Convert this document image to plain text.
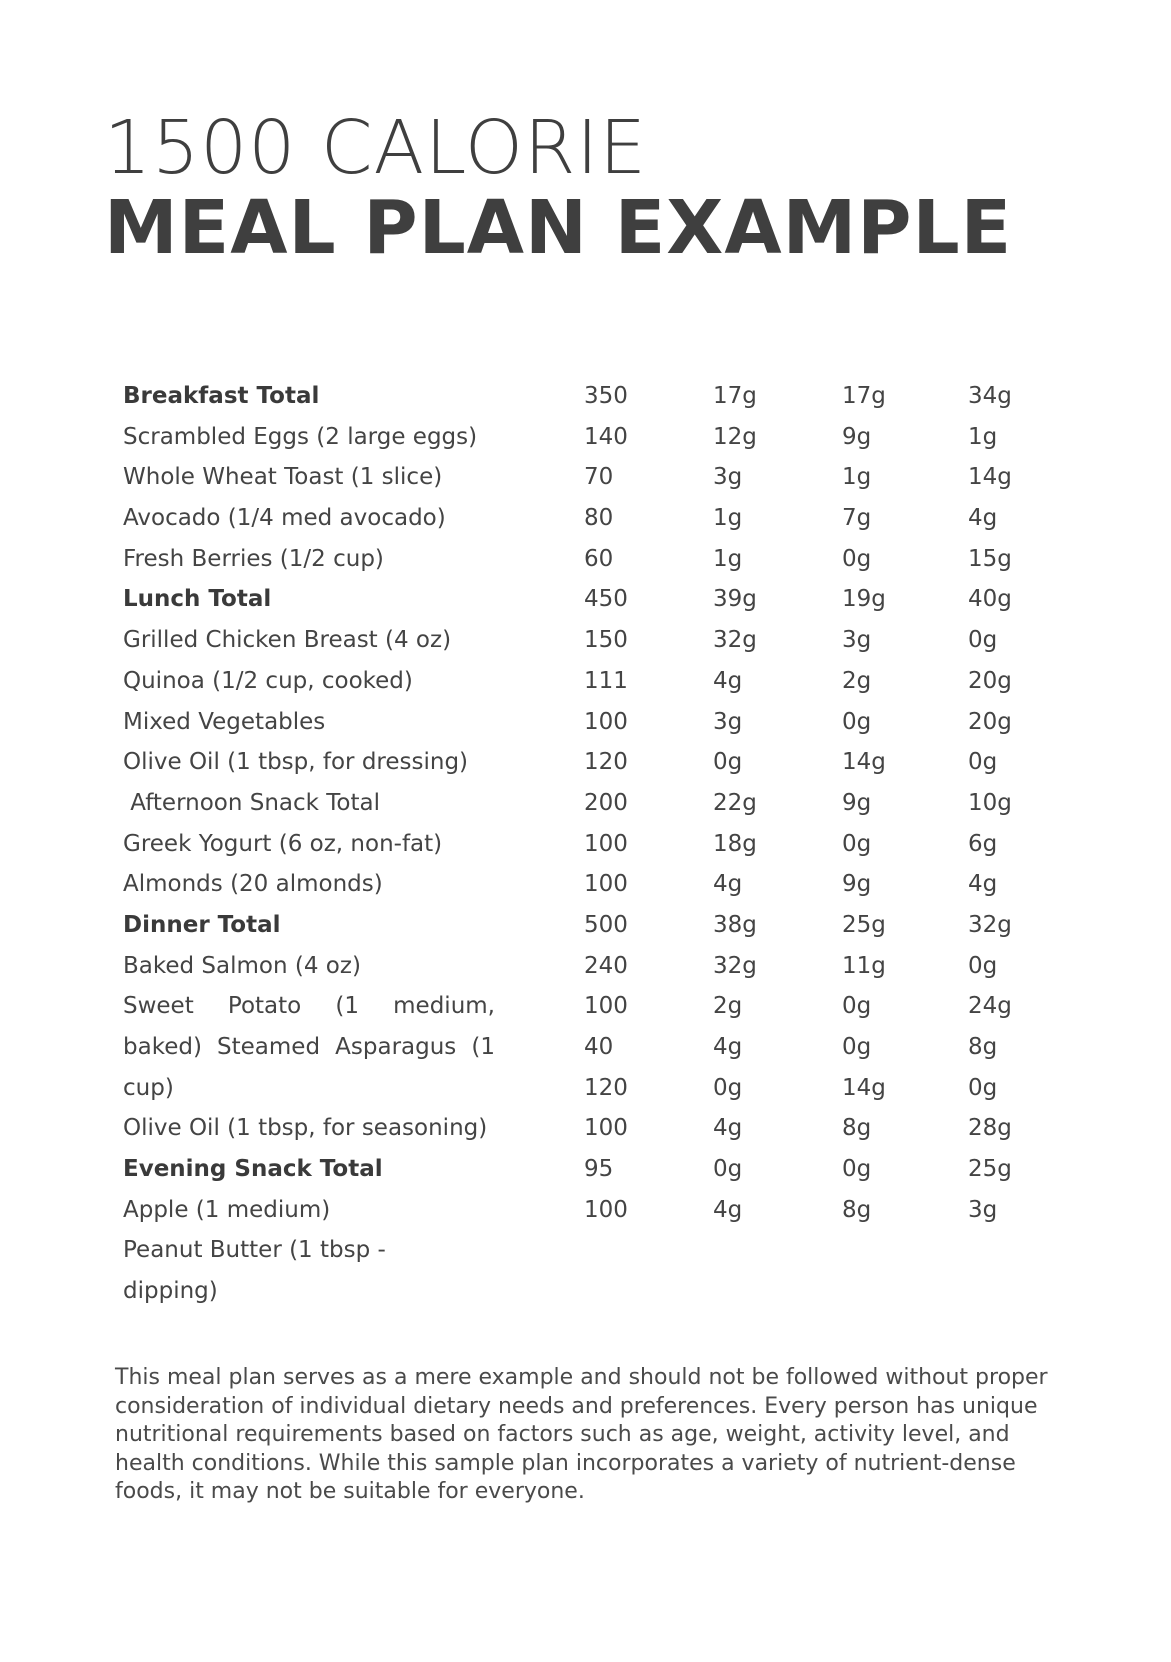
1500 CALORIE
MEAL PLAN EXAMPLE
Breakfast Total
Scrambled Eggs (2 large eggs)
Whole Wheat Toast (1 slice)
Avocado (1/4 med avocado)
Fresh Berries (1/2 cup)
Lunch Total
Grilled Chicken Breast (4 oz)
Quinoa (1/2 cup, cooked)
Mixed Vegetables
Olive Oil (1 tbsp, for dressing)
Afternoon Snack Total
Greek Yogurt (6 oz, non-fat)
Almonds (20 almonds)
Dinner Total
Baked Salmon (4 oz)
Sweet Potato (1 medium,
baked) Steamed Asparagus (1
cup)
Olive Oil (1 tbsp, for seasoning)
Evening Snack Total
Apple (1 medium)
Peanut Butter (1 tbsp -
dipping)
350
140
70
80
60
450
150
111
100
120
200
100
100
500
240
100
40
120
100
95
100
17g
12g
3g
1g
1g
39g
32g
4g
3g
0g
22g
18g
4g
38g
32g
2g
4g
0g
4g
0g
4g
17g
9g
1g
7g
0g
19g
3g
2g
0g
14g
9g
0g
9g
25g
11g
0g
0g
14g
8g
0g
8g
34g
1g
14g
4g
15g
40g
0g
20g
20g
0g
10g
6g
4g
32g
0g
24g
8g
0g
28g
25g
3g

This meal plan serves as a mere example and should not be followed without proper consideration of individual dietary needs and preferences. Every person has unique nutritional requirements based on factors such as age, weight, activity level, and health conditions. While this sample plan incorporates a variety of nutrient-dense foods, it may not be suitable for everyone.
